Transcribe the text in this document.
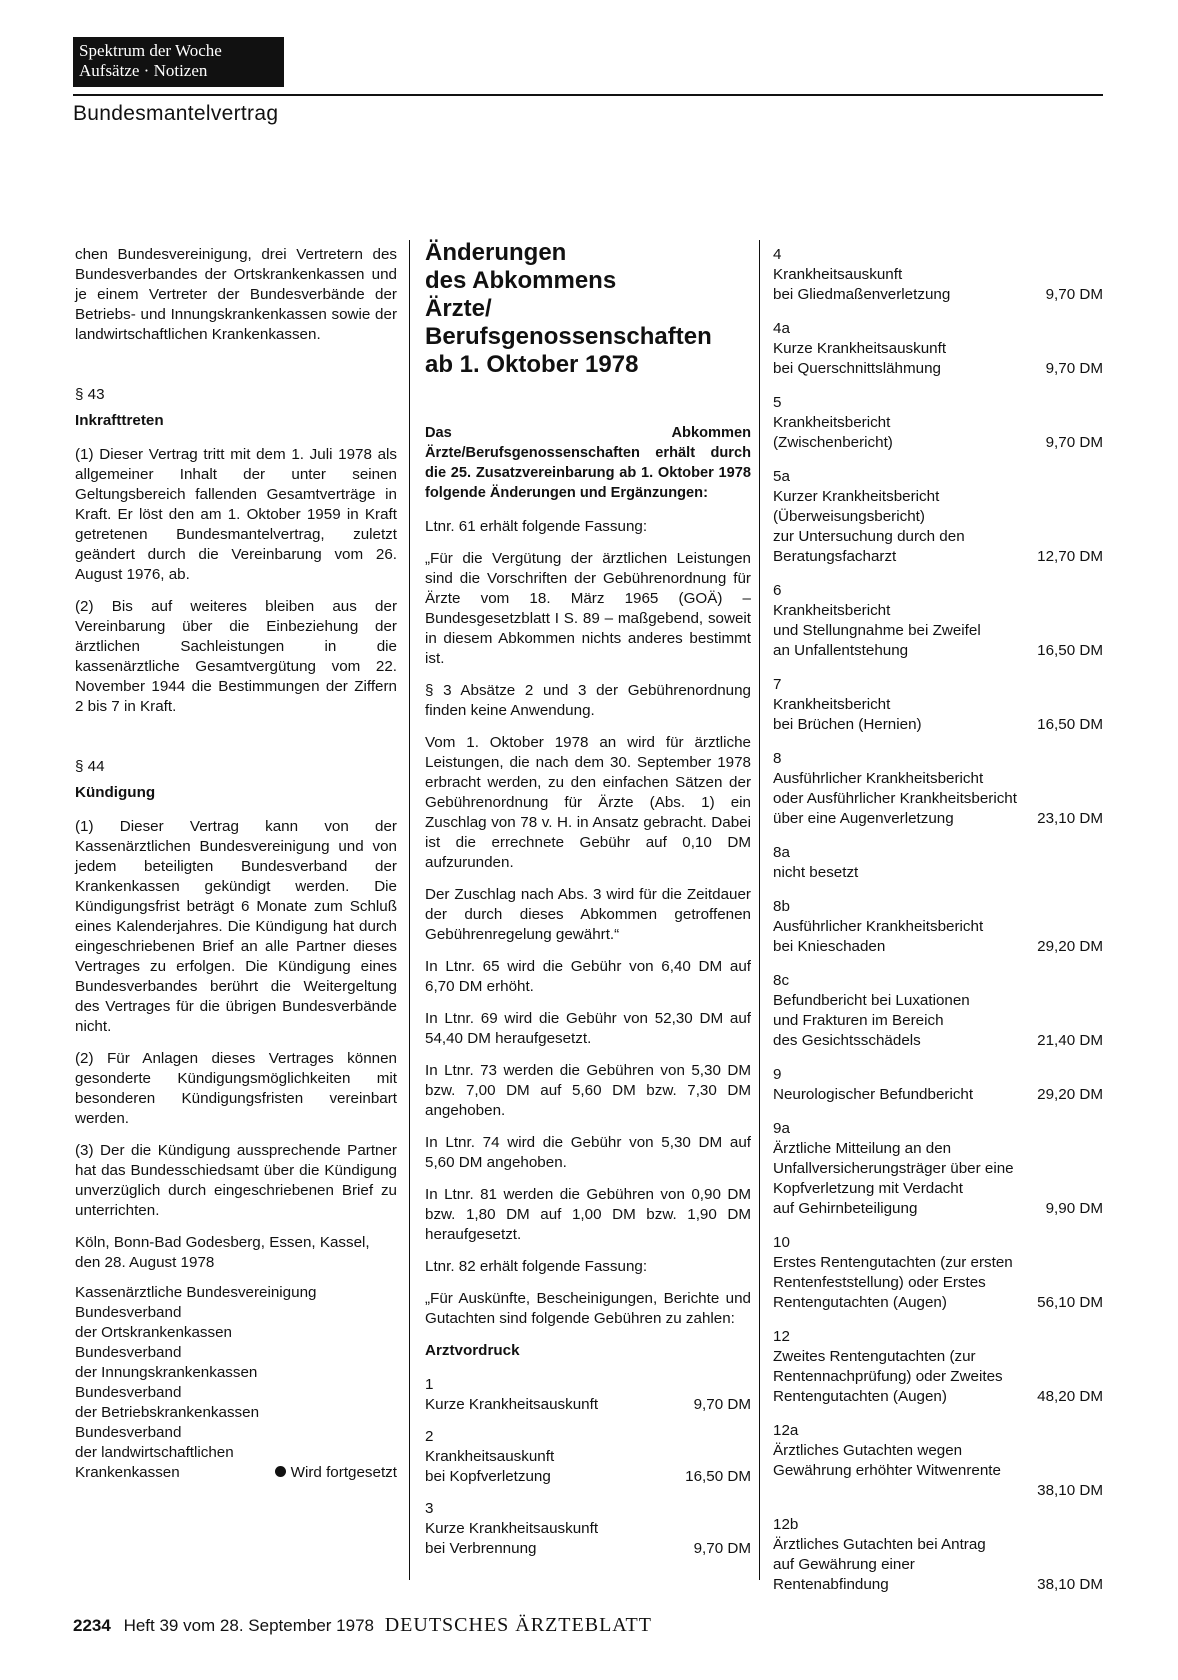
Spektrum der Woche
Aufsätze · Notizen
Bundesmantelvertrag

chen Bundesvereinigung, drei Vertretern des Bundesverbandes der Ortskrankenkassen und je einem Vertreter der Bundesverbände der Betriebs- und Innungskrankenkassen sowie der landwirtschaftlichen Krankenkassen.

§ 43

Inkrafttreten

(1) Dieser Vertrag tritt mit dem 1. Juli 1978 als allgemeiner Inhalt der unter seinen Geltungsbereich fallenden Gesamtverträge in Kraft. Er löst den am 1. Oktober 1959 in Kraft getretenen Bundesmantelvertrag, zuletzt geändert durch die Vereinbarung vom 26. August 1976, ab.

(2) Bis auf weiteres bleiben aus der Vereinbarung über die Einbeziehung der ärztlichen Sachleistungen in die kassenärztliche Gesamtvergütung vom 22. November 1944 die Bestimmungen der Ziffern 2 bis 7 in Kraft.

§ 44

Kündigung

(1) Dieser Vertrag kann von der Kassenärztlichen Bundesvereinigung und von jedem beteiligten Bundesverband der Krankenkassen gekündigt werden. Die Kündigungsfrist beträgt 6 Monate zum Schluß eines Kalenderjahres. Die Kündigung hat durch eingeschriebenen Brief an alle Partner dieses Vertrages zu erfolgen. Die Kündigung eines Bundesverbandes berührt die Weitergeltung des Vertrages für die übrigen Bundesverbände nicht.

(2) Für Anlagen dieses Vertrages können gesonderte Kündigungsmöglichkeiten mit besonderen Kündigungsfristen vereinbart werden.

(3) Der die Kündigung aussprechende Partner hat das Bundesschiedsamt über die Kündigung unverzüglich durch eingeschriebenen Brief zu unterrichten.

Köln, Bonn-Bad Godesberg, Essen, Kassel, den 28. August 1978

Kassenärztliche Bundesvereinigung

Bundesverband

der Ortskrankenkassen

Bundesverband

der Innungskrankenkassen

Bundesverband

der Betriebskrankenkassen

Bundesverband

der landwirtschaftlichen

Krankenkassen	Wird fortgesetzt
Änderungen
des Abkommens
Ärzte/
Berufsgenossenschaften
ab 1. Oktober 1978

Das Abkommen Ärzte/Berufsgenossenschaften erhält durch die 25. Zusatzvereinbarung ab 1. Oktober 1978 folgende Änderungen und Ergänzungen:

Ltnr. 61 erhält folgende Fassung:

„Für die Vergütung der ärztlichen Leistungen sind die Vorschriften der Gebührenordnung für Ärzte vom 18. März 1965 (GOÄ) – Bundesgesetzblatt I S. 89 – maßgebend, soweit in diesem Abkommen nichts anderes bestimmt ist.

§ 3 Absätze 2 und 3 der Gebührenordnung finden keine Anwendung.

Vom 1. Oktober 1978 an wird für ärztliche Leistungen, die nach dem 30. September 1978 erbracht werden, zu den einfachen Sätzen der Gebührenordnung für Ärzte (Abs. 1) ein Zuschlag von 78 v. H. in Ansatz gebracht. Dabei ist die errechnete Gebühr auf 0,10 DM aufzurunden.

Der Zuschlag nach Abs. 3 wird für die Zeitdauer der durch dieses Abkommen getroffenen Gebührenregelung gewährt.“

In Ltnr. 65 wird die Gebühr von 6,40 DM auf 6,70 DM erhöht.

In Ltnr. 69 wird die Gebühr von 52,30 DM auf 54,40 DM heraufgesetzt.

In Ltnr. 73 werden die Gebühren von 5,30 DM bzw. 7,00 DM auf 5,60 DM bzw. 7,30 DM angehoben.

In Ltnr. 74 wird die Gebühr von 5,30 DM auf 5,60 DM angehoben.

In Ltnr. 81 werden die Gebühren von 0,90 DM bzw. 1,80 DM auf 1,00 DM bzw. 1,90 DM heraufgesetzt.

Ltnr. 82 erhält folgende Fassung:

„Für Auskünfte, Bescheinigungen, Berichte und Gutachten sind folgende Gebühren zu zahlen:

Arztvordruck

1
Kurze Krankheitsauskunft	9,70 DM
2
Krankheitsauskunft
bei Kopfverletzung	16,50 DM
3
Kurze Krankheitsauskunft
bei Verbrennung	9,70 DM
4
Krankheitsauskunft
bei Gliedmaßenverletzung	9,70 DM
4a
Kurze Krankheitsauskunft
bei Querschnittslähmung	9,70 DM
5
Krankheitsbericht
(Zwischenbericht)	9,70 DM
5a
Kurzer Krankheitsbericht
(Überweisungsbericht)
zur Untersuchung durch den
Beratungsfacharzt	12,70 DM
6
Krankheitsbericht
und Stellungnahme bei Zweifel
an Unfallentstehung	16,50 DM
7
Krankheitsbericht
bei Brüchen (Hernien)	16,50 DM
8
Ausführlicher Krankheitsbericht
oder Ausführlicher Krankheitsbericht
über eine Augenverletzung	23,10 DM
8a
nicht besetzt
8b
Ausführlicher Krankheitsbericht
bei Knieschaden	29,20 DM
8c
Befundbericht bei Luxationen
und Frakturen im Bereich
des Gesichtsschädels	21,40 DM
9
Neurologischer Befundbericht	29,20 DM
9a
Ärztliche Mitteilung an den
Unfallversicherungsträger über eine
Kopfverletzung mit Verdacht
auf Gehirnbeteiligung	9,90 DM
10
Erstes Rentengutachten (zur ersten
Rentenfeststellung) oder Erstes
Rentengutachten (Augen)	56,10 DM
12
Zweites Rentengutachten (zur
Rentennachprüfung) oder Zweites
Rentengutachten (Augen)	48,20 DM
12a
Ärztliches Gutachten wegen
Gewährung erhöhter Witwenrente
38,10 DM
12b
Ärztliches Gutachten bei Antrag
auf Gewährung einer
Rentenabfindung	38,10 DM
2234 Heft 39 vom 28. September 1978 DEUTSCHES ÄRZTEBLATT
